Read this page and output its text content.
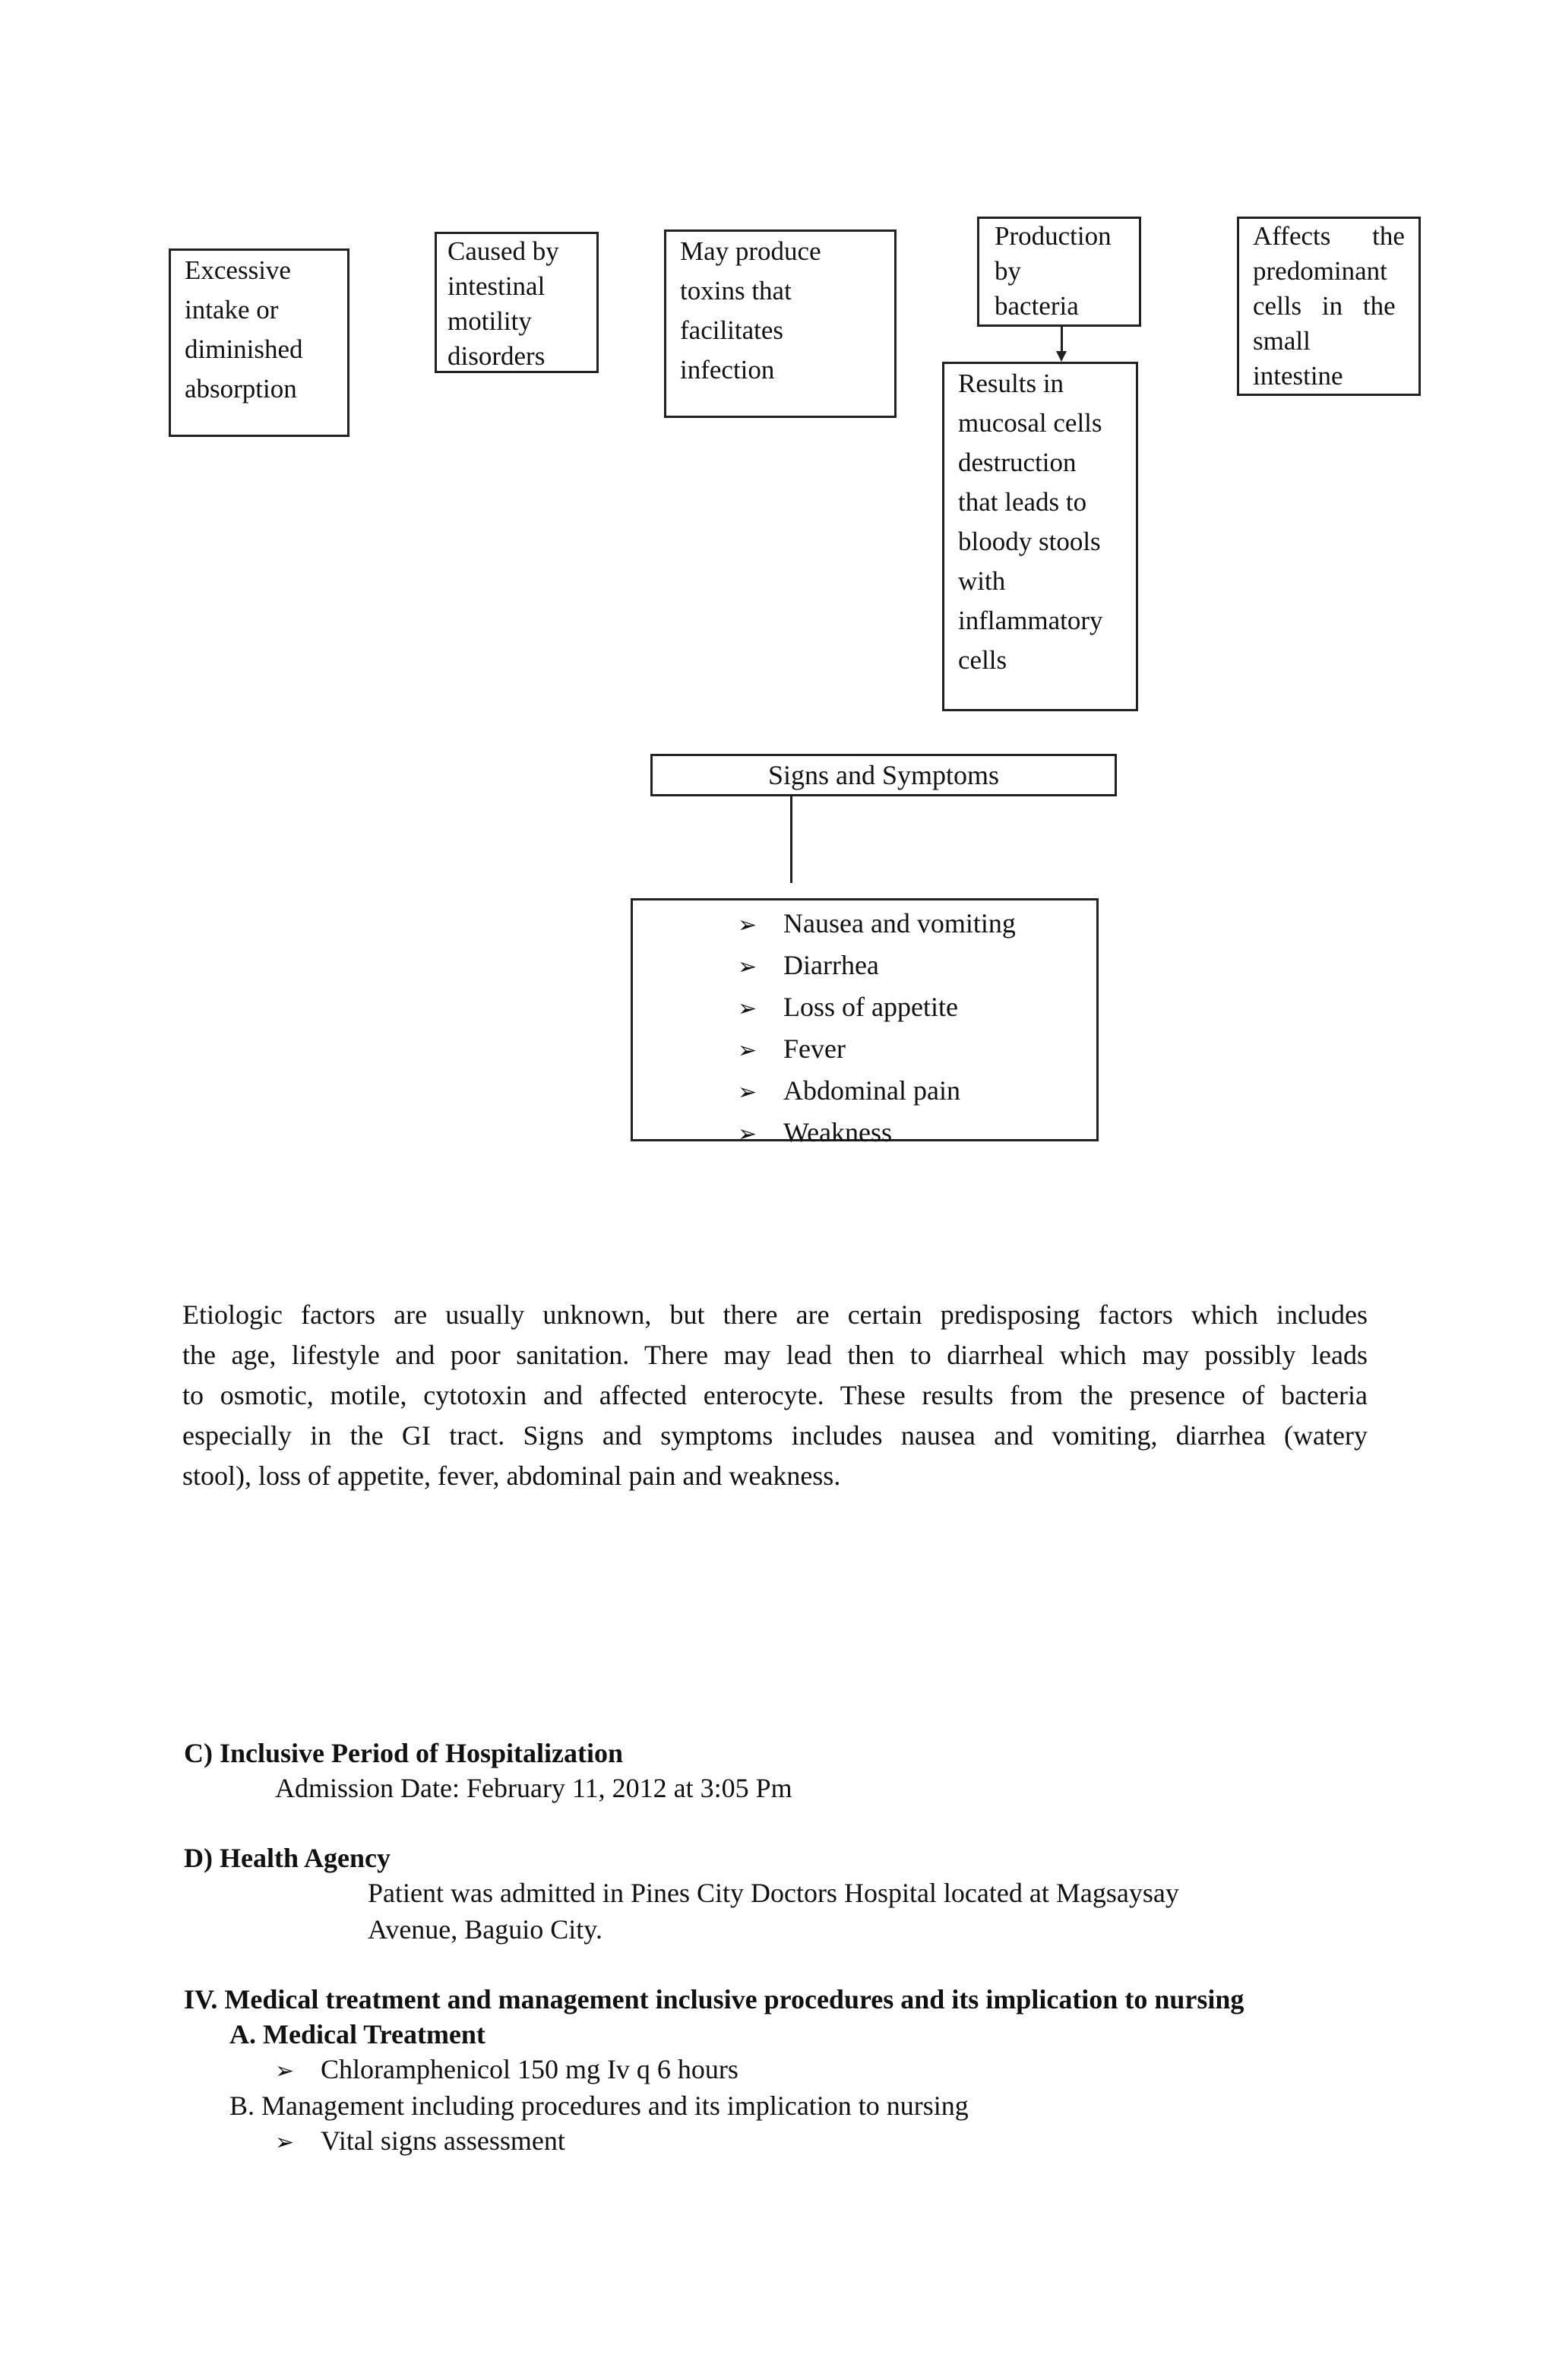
Excessive
intake or
diminished
absorption
Caused by
intestinal
motility
disorders
May produce
toxins that
facilitates
infection
Production
by
bacteria
Results in
mucosal cells
destruction
that leads to
bloody stools
with
inflammatory
cells
Affects the
predominant
cells in the
small
intestine
Signs and Symptoms
➢ Nausea and vomiting
➢ Diarrhea
➢ Loss of appetite
➢ Fever
➢ Abdominal pain
➢ Weakness
Etiologic factors are usually unknown, but there are certain predisposing factors which includes
the age, lifestyle and poor sanitation. There may lead then to diarrheal which may possibly leads
to osmotic, motile, cytotoxin and affected enterocyte. These results from the presence of bacteria
especially in the GI tract. Signs and symptoms includes nausea and vomiting, diarrhea (watery
stool), loss of appetite, fever, abdominal pain and weakness.
C) Inclusive Period of Hospitalization
Admission Date: February 11, 2012 at 3:05 Pm
D) Health Agency
Patient was admitted in Pines City Doctors Hospital located at Magsaysay
Avenue, Baguio City.
IV. Medical treatment and management inclusive procedures and its implication to nursing
A. Medical Treatment
➢ Chloramphenicol 150 mg Iv q 6 hours
B. Management including procedures and its implication to nursing
➢ Vital signs assessment
